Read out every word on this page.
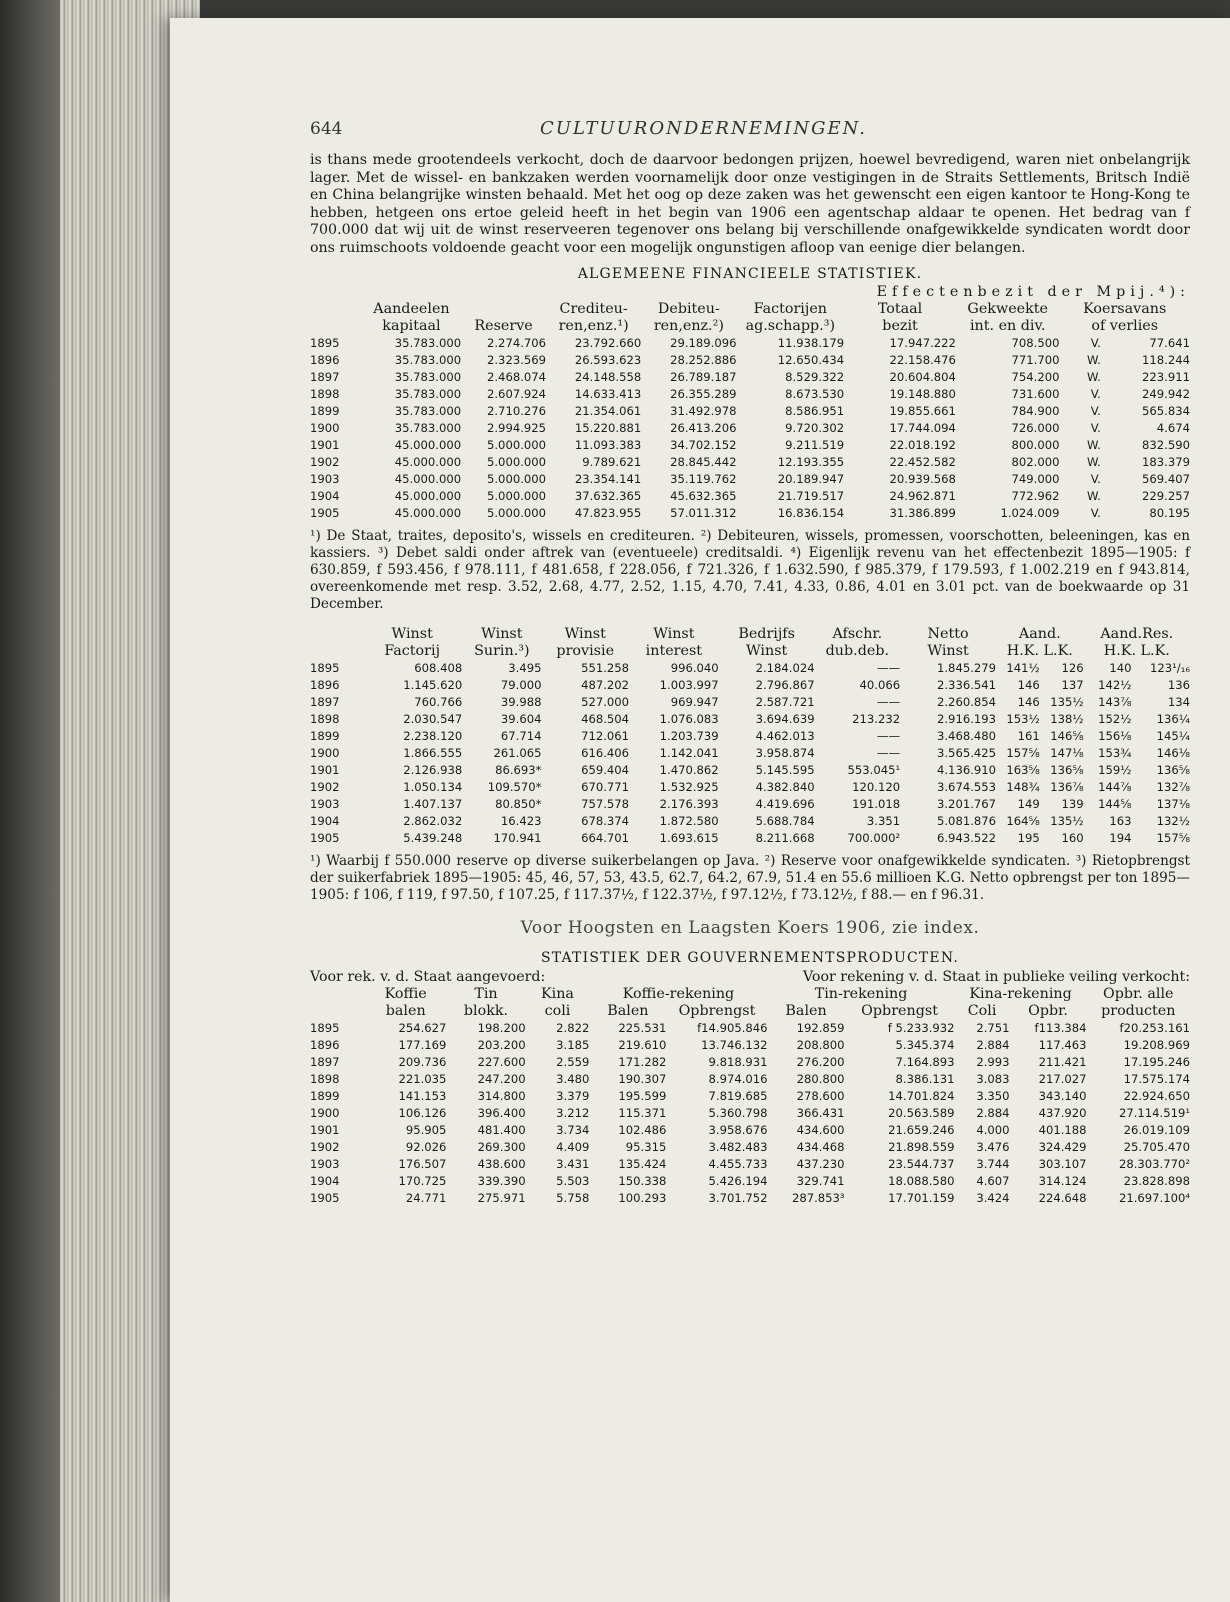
644	CULTUURONDERNEMINGEN.

is thans mede grootendeels verkocht, doch de daarvoor bedongen prijzen, hoewel bevredigend, waren niet onbelangrijk lager. Met de wissel- en bankzaken werden voornamelijk door onze vestigingen in de Straits Settlements, Britsch Indië en China belangrijke winsten behaald. Met het oog op deze zaken was het gewenscht een eigen kantoor te Hong-Kong te hebben, hetgeen ons ertoe geleid heeft in het begin van 1906 een agentschap aldaar te openen. Het bedrag van f 700.000 dat wij uit de winst reserveeren tegenover ons belang bij verschillende onafgewikkelde syndicaten wordt door ons ruimschoots voldoende geacht voor een mogelijk ongunstigen afloop van eenige dier belangen.

ALGEMEENE FINANCIEELE STATISTIEK.
					Effectenbezit der Mpij.⁴):				
	Aandeelen		Crediteu-	Debiteu-	Factorijen	Totaal	Gekweekte	Koersavans	
	kapitaal	Reserve	ren,enz.¹)	ren,enz.²)	ag.schapp.³)	bezit	int. en div.	of verlies	
1895	35.783.000	2.274.706	23.792.660	29.189.096	11.938.179	17.947.222	708.500	V.	77.641
1896	35.783.000	2.323.569	26.593.623	28.252.886	12.650.434	22.158.476	771.700	W.	118.244
1897	35.783.000	2.468.074	24.148.558	26.789.187	8.529.322	20.604.804	754.200	W.	223.911
1898	35.783.000	2.607.924	14.633.413	26.355.289	8.673.530	19.148.880	731.600	V.	249.942
1899	35.783.000	2.710.276	21.354.061	31.492.978	8.586.951	19.855.661	784.900	V.	565.834
1900	35.783.000	2.994.925	15.220.881	26.413.206	9.720.302	17.744.094	726.000	V.	4.674
1901	45.000.000	5.000.000	11.093.383	34.702.152	9.211.519	22.018.192	800.000	W.	832.590
1902	45.000.000	5.000.000	9.789.621	28.845.442	12.193.355	22.452.582	802.000	W.	183.379
1903	45.000.000	5.000.000	23.354.141	35.119.762	20.189.947	20.939.568	749.000	V.	569.407
1904	45.000.000	5.000.000	37.632.365	45.632.365	21.719.517	24.962.871	772.962	W.	229.257
1905	45.000.000	5.000.000	47.823.955	57.011.312	16.836.154	31.386.899	1.024.009	V.	80.195

¹) De Staat, traites, deposito's, wissels en crediteuren. ²) Debiteuren, wissels, promessen, voorschotten, beleeningen, kas en kassiers. ³) Debet saldi onder aftrek van (eventueele) creditsaldi. ⁴) Eigenlijk revenu van het effectenbezit 1895—1905: f 630.859, f 593.456, f 978.111, f 481.658, f 228.056, f 721.326, f 1.632.590, f 985.379, f 179.593, f 1.002.219 en f 943.814, overeenkomende met resp. 3.52, 2.68, 4.77, 2.52, 1.15, 4.70, 7.41, 4.33, 0.86, 4.01 en 3.01 pct. van de boekwaarde op 31 December.

	Winst	Winst	Winst	Winst	Bedrijfs	Afschr.	Netto	Aand.		Aand.Res.	
	Factorij	Surin.³)	provisie	interest	Winst	dub.deb.	Winst	H.K. L.K.		H.K. L.K.	
1895	608.408	3.495	551.258	996.040	2.184.024	——	1.845.279	141½	126	140	123¹/₁₆
1896	1.145.620	79.000	487.202	1.003.997	2.796.867	40.066	2.336.541	146	137	142½	136
1897	760.766	39.988	527.000	969.947	2.587.721	——	2.260.854	146	135½	143⅞	134
1898	2.030.547	39.604	468.504	1.076.083	3.694.639	213.232	2.916.193	153½	138½	152½	136¼
1899	2.238.120	67.714	712.061	1.203.739	4.462.013	——	3.468.480	161	146⅝	156⅛	145¼
1900	1.866.555	261.065	616.406	1.142.041	3.958.874	——	3.565.425	157⅝	147⅛	153¾	146⅛
1901	2.126.938	86.693*	659.404	1.470.862	5.145.595	553.045¹	4.136.910	163⅝	136⅝	159½	136⅝
1902	1.050.134	109.570*	670.771	1.532.925	4.382.840	120.120	3.674.553	148¾	136⅞	144⅞	132⅞
1903	1.407.137	80.850*	757.578	2.176.393	4.419.696	191.018	3.201.767	149	139	144⅝	137⅛
1904	2.862.032	16.423	678.374	1.872.580	5.688.784	3.351	5.081.876	164⅝	135½	163	132½
1905	5.439.248	170.941	664.701	1.693.615	8.211.668	700.000²	6.943.522	195	160	194	157⅝

¹) Waarbij f 550.000 reserve op diverse suikerbelangen op Java. ²) Reserve voor onafgewikkelde syndicaten. ³) Rietopbrengst der suikerfabriek 1895—1905: 45, 46, 57, 53, 43.5, 62.7, 64.2, 67.9, 51.4 en 55.6 millioen K.G. Netto opbrengst per ton 1895—1905: f 106, f 119, f 97.50, f 107.25, f 117.37½, f 122.37½, f 97.12½, f 73.12½, f 88.— en f 96.31.

Voor Hoogsten en Laagsten Koers 1906, zie index.
STATISTIEK DER GOUVERNEMENTSPRODUCTEN.
Voor rek. v. d. Staat aangevoerd:	Voor rekening v. d. Staat in publieke veiling verkocht:
	Koffie	Tin	Kina	Koffie-rekening		Tin-rekening		Kina-rekening		Opbr. alle
	balen	blokk.	coli	Balen	Opbrengst	Balen	Opbrengst	Coli	Opbr.	producten
1895	254.627	198.200	2.822	225.531	f14.905.846	192.859	f 5.233.932	2.751	f113.384	f20.253.161
1896	177.169	203.200	3.185	219.610	13.746.132	208.800	5.345.374	2.884	117.463	19.208.969
1897	209.736	227.600	2.559	171.282	9.818.931	276.200	7.164.893	2.993	211.421	17.195.246
1898	221.035	247.200	3.480	190.307	8.974.016	280.800	8.386.131	3.083	217.027	17.575.174
1899	141.153	314.800	3.379	195.599	7.819.685	278.600	14.701.824	3.350	343.140	22.924.650
1900	106.126	396.400	3.212	115.371	5.360.798	366.431	20.563.589	2.884	437.920	27.114.519¹
1901	95.905	481.400	3.734	102.486	3.958.676	434.600	21.659.246	4.000	401.188	26.019.109
1902	92.026	269.300	4.409	95.315	3.482.483	434.468	21.898.559	3.476	324.429	25.705.470
1903	176.507	438.600	3.431	135.424	4.455.733	437.230	23.544.737	3.744	303.107	28.303.770²
1904	170.725	339.390	5.503	150.338	5.426.194	329.741	18.088.580	4.607	314.124	23.828.898
1905	24.771	275.971	5.758	100.293	3.701.752	287.853³	17.701.159	3.424	224.648	21.697.100⁴
